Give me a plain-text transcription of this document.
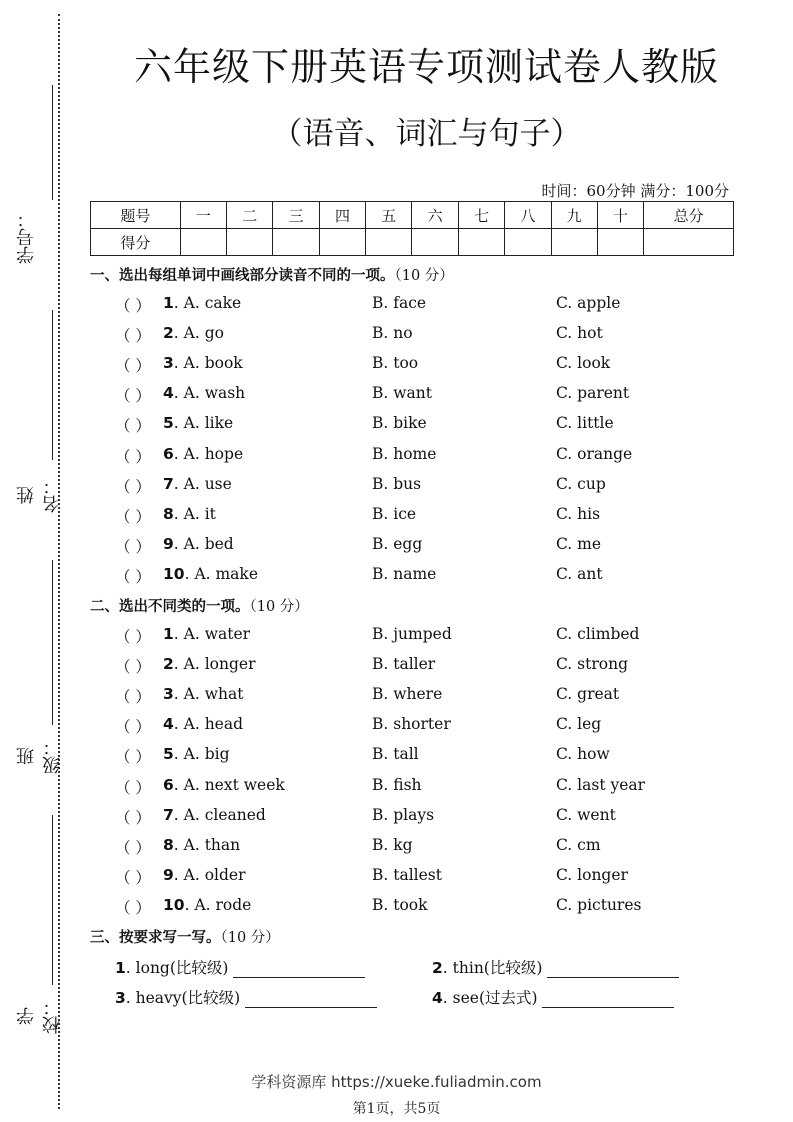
学号：
姓名：
班级：
学校：
六年级下册英语专项测试卷人教版
（语音、词汇与句子）
时间：60分钟 满分：100分
题号	一	二	三	四	五	六	七	八	九	十	总分
得分											
一、选出每组单词中画线部分读音不同的一项。（10 分）
（ ） 1. A. cake	B. face	C. apple
（ ） 2. A. go	B. no	C. hot
（ ） 3. A. book	B. too	C. look
（ ） 4. A. wash	B. want	C. parent
（ ） 5. A. like	B. bike	C. little
（ ） 6. A. hope	B. home	C. orange
（ ） 7. A. use	B. bus	C. cup
（ ） 8. A. it	B. ice	C. his
（ ） 9. A. bed	B. egg	C. me
（ ） 10. A. make	B. name	C. ant
二、选出不同类的一项。（10 分）
（ ） 1. A. water	B. jumped	C. climbed
（ ） 2. A. longer	B. taller	C. strong
（ ） 3. A. what	B. where	C. great
（ ） 4. A. head	B. shorter	C. leg
（ ） 5. A. big	B. tall	C. how
（ ） 6. A. next week	B. fish	C. last year
（ ） 7. A. cleaned	B. plays	C. went
（ ） 8. A. than	B. kg	C. cm
（ ） 9. A. older	B. tallest	C. longer
（ ） 10. A. rode	B. took	C. pictures
三、按要求写一写。（10 分）
1. long(比较级)	2. thin(比较级)
3. heavy(比较级)	4. see(过去式)
学科资源库 https://xueke.fuliadmin.com
第1页，共5页
